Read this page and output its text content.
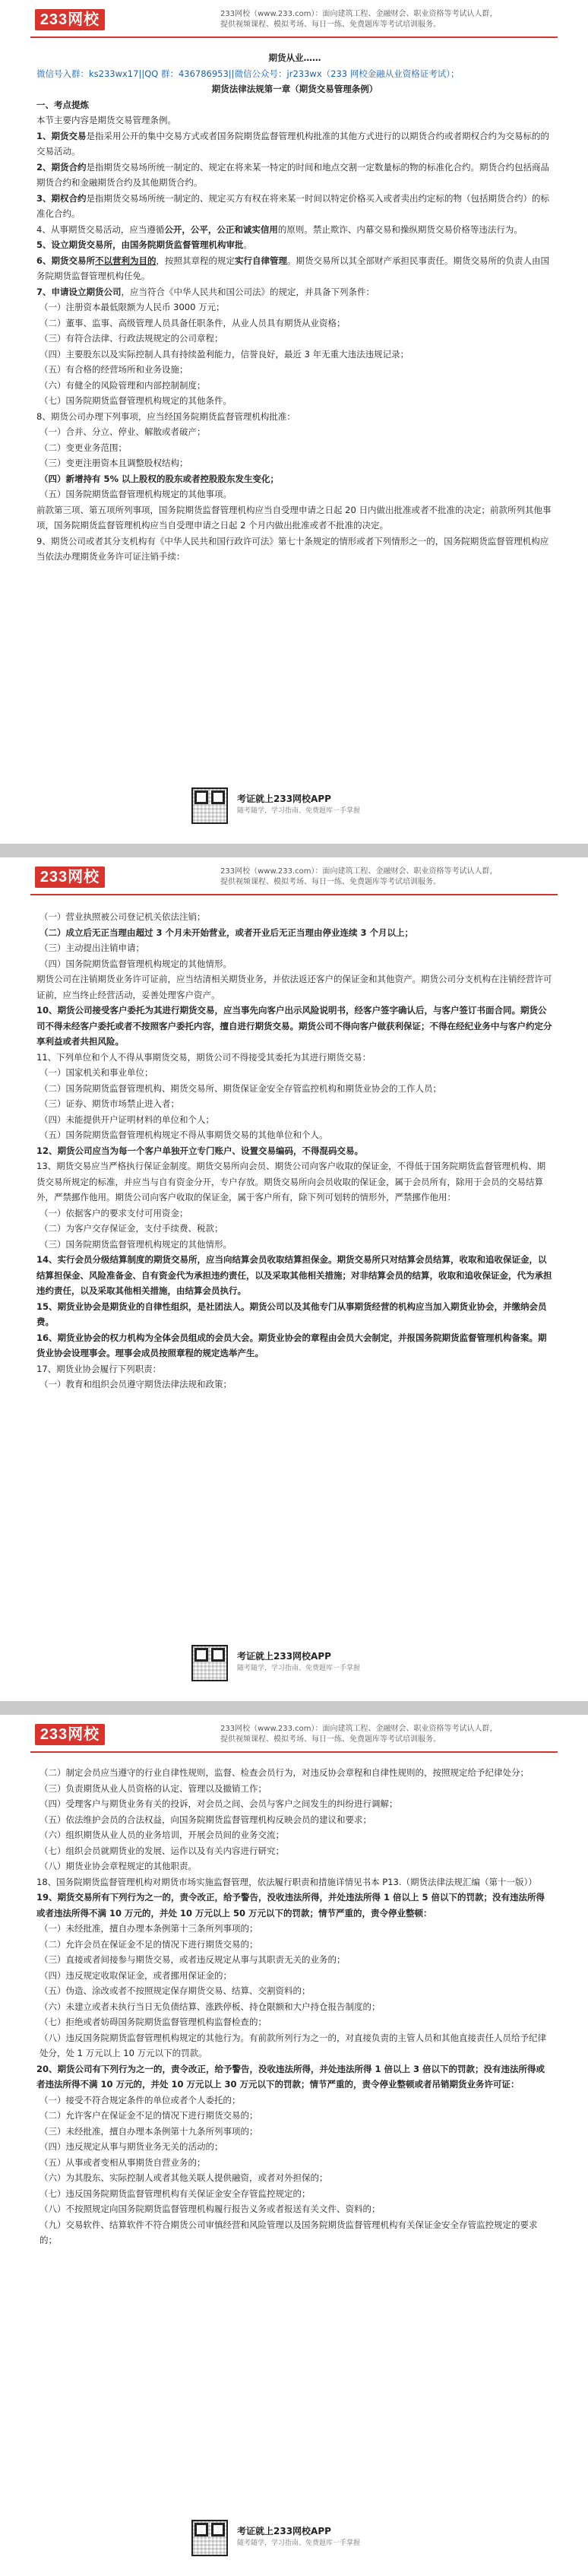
233网校	233网校（www.233.com）：面向建筑工程、金融财会、职业资格等考试认人群，
提供视频课程、模拟考场、每日一练、免费题库等考试培训服务。

期货从业……

微信号入群：ks233wx17||QQ 群：436786953||微信公众号：jr233wx（233 网校金融从业资格证考试）；

期货法律法规第一章（期货交易管理条例）

一、考点提炼

本节主要内容是期货交易管理条例。

1、期货交易是指采用公开的集中交易方式或者国务院期货监督管理机构批准的其他方式进行的以期货合约或者期权合约为交易标的的交易活动。

2、期货合约是指期货交易场所统一制定的、规定在将来某一特定的时间和地点交割一定数量标的物的标准化合约。期货合约包括商品期货合约和金融期货合约及其他期货合约。

3、期权合约是指期货交易场所统一制定的、规定买方有权在将来某一时间以特定价格买入或者卖出约定标的物（包括期货合约）的标准化合约。

4、从事期货交易活动，应当遵循公开，公平，公正和诚实信用的原则。禁止欺诈、内幕交易和操纵期货交易价格等违法行为。

5、设立期货交易所，由国务院期货监督管理机构审批。

6、期货交易所不以营利为目的，按照其章程的规定实行自律管理。期货交易所以其全部财产承担民事责任。期货交易所的负责人由国务院期货监督管理机构任免。

7、申请设立期货公司，应当符合《中华人民共和国公司法》的规定，并具备下列条件：

（一）注册资本最低限额为人民币 3000 万元；

（二）董事、监事、高级管理人员具备任职条件，从业人员具有期货从业资格；

（三）有符合法律、行政法规规定的公司章程；

（四）主要股东以及实际控制人具有持续盈利能力，信誉良好，最近 3 年无重大违法违规记录；

（五）有合格的经营场所和业务设施；

（六）有健全的风险管理和内部控制制度；

（七）国务院期货监督管理机构规定的其他条件。

8、期货公司办理下列事项，应当经国务院期货监督管理机构批准：

（一）合并、分立、停业、解散或者破产；

（二）变更业务范围；

（三）变更注册资本且调整股权结构；

（四）新增持有 5% 以上股权的股东或者控股股东发生变化；

（五）国务院期货监督管理机构规定的其他事项。

前款第三项、第五项所列事项，国务院期货监督管理机构应当自受理申请之日起 20 日内做出批准或者不批准的决定；前款所列其他事项，国务院期货监督管理机构应当自受理申请之日起 2 个月内做出批准或者不批准的决定。

9、期货公司或者其分支机构有《中华人民共和国行政许可法》第七十条规定的情形或者下列情形之一的，国务院期货监督管理机构应当依法办理期货业务许可证注销手续：

考证就上233网校APP
随考随学，学习指南、免费题库一手掌握
233网校	233网校（www.233.com）：面向建筑工程、金融财会、职业资格等考试认人群，
提供视频课程、模拟考场、每日一练、免费题库等考试培训服务。

（一）营业执照被公司登记机关依法注销；

（二）成立后无正当理由超过 3 个月未开始营业，或者开业后无正当理由停业连续 3 个月以上；

（三）主动提出注销申请；

（四）国务院期货监督管理机构规定的其他情形。

期货公司在注销期货业务许可证前，应当结清相关期货业务，并依法返还客户的保证金和其他资产。期货公司分支机构在注销经营许可证前，应当终止经营活动，妥善处理客户资产。

10、期货公司接受客户委托为其进行期货交易，应当事先向客户出示风险说明书，经客户签字确认后，与客户签订书面合同。期货公司不得未经客户委托或者不按照客户委托内容，擅自进行期货交易。期货公司不得向客户做获利保证；不得在经纪业务中与客户约定分享利益或者共担风险。

11、下列单位和个人不得从事期货交易，期货公司不得接受其委托为其进行期货交易：

（一）国家机关和事业单位；

（二）国务院期货监督管理机构、期货交易所、期货保证金安全存管监控机构和期货业协会的工作人员；

（三）证券、期货市场禁止进入者；

（四）未能提供开户证明材料的单位和个人；

（五）国务院期货监督管理机构规定不得从事期货交易的其他单位和个人。

12、期货公司应当为每一个客户单独开立专门账户、设置交易编码，不得混码交易。

13、期货交易应当严格执行保证金制度。期货交易所向会员、期货公司向客户收取的保证金，不得低于国务院期货监督管理机构、期货交易所规定的标准，并应当与自有资金分开，专户存放。期货交易所向会员收取的保证金，属于会员所有，除用于会员的交易结算外，严禁挪作他用。期货公司向客户收取的保证金，属于客户所有，除下列可划转的情形外，严禁挪作他用：

（一）依据客户的要求支付可用资金；

（二）为客户交存保证金，支付手续费、税款；

（三）国务院期货监督管理机构规定的其他情形。

14、实行会员分级结算制度的期货交易所，应当向结算会员收取结算担保金。期货交易所只对结算会员结算，收取和追收保证金，以结算担保金、风险准备金、自有资金代为承担违约责任，以及采取其他相关措施；对非结算会员的结算，收取和追收保证金，代为承担违约责任，以及采取其他相关措施，由结算会员执行。

15、期货业协会是期货业的自律性组织，是社团法人。期货公司以及其他专门从事期货经营的机构应当加入期货业协会，并缴纳会员费。

16、期货业协会的权力机构为全体会员组成的会员大会。期货业协会的章程由会员大会制定，并报国务院期货监督管理机构备案。期货业协会设理事会。理事会成员按照章程的规定选举产生。

17、期货业协会履行下列职责：

（一）教育和组织会员遵守期货法律法规和政策；

考证就上233网校APP
随考随学，学习指南、免费题库一手掌握
233网校	233网校（www.233.com）：面向建筑工程、金融财会、职业资格等考试认人群，
提供视频课程、模拟考场、每日一练、免费题库等考试培训服务。

（二）制定会员应当遵守的行业自律性规则，监督、检查会员行为，对违反协会章程和自律性规则的，按照规定给予纪律处分；

（三）负责期货从业人员资格的认定、管理以及撤销工作；

（四）受理客户与期货业务有关的投诉，对会员之间、会员与客户之间发生的纠纷进行调解；

（五）依法维护会员的合法权益，向国务院期货监督管理机构反映会员的建议和要求；

（六）组织期货从业人员的业务培训，开展会员间的业务交流；

（七）组织会员就期货业的发展、运作以及有关内容进行研究；

（八）期货业协会章程规定的其他职责。

18、国务院期货监督管理机构对期货市场实施监督管理，依法履行职责和措施详情见书本 P13.（期货法律法规汇编（第十一版））

19、期货交易所有下列行为之一的，责令改正，给予警告，没收违法所得，并处违法所得 1 倍以上 5 倍以下的罚款；没有违法所得或者违法所得不满 10 万元的，并处 10 万元以上 50 万元以下的罚款；情节严重的，责令停业整顿：

（一）未经批准，擅自办理本条例第十三条所列事项的；

（二）允许会员在保证金不足的情况下进行期货交易的；

（三）直接或者间接参与期货交易，或者违反规定从事与其职责无关的业务的；

（四）违反规定收取保证金，或者挪用保证金的；

（五）伪造、涂改或者不按照规定保存期货交易、结算、交割资料的；

（六）未建立或者未执行当日无负债结算、涨跌停板、持仓限额和大户持仓报告制度的；

（七）拒绝或者妨碍国务院期货监督管理机构监督检查的；

（八）违反国务院期货监督管理机构规定的其他行为。有前款所列行为之一的，对直接负责的主管人员和其他直接责任人员给予纪律处分，处 1 万元以上 10 万元以下的罚款。

20、期货公司有下列行为之一的，责令改正，给予警告，没收违法所得，并处违法所得 1 倍以上 3 倍以下的罚款；没有违法所得或者违法所得不满 10 万元的，并处 10 万元以上 30 万元以下的罚款；情节严重的，责令停业整顿或者吊销期货业务许可证：

（一）接受不符合规定条件的单位或者个人委托的；

（二）允许客户在保证金不足的情况下进行期货交易的；

（三）未经批准，擅自办理本条例第十九条所列事项的；

（四）违反规定从事与期货业务无关的活动的；

（五）从事或者变相从事期货自营业务的；

（六）为其股东、实际控制人或者其他关联人提供融资，或者对外担保的；

（七）违反国务院期货监督管理机构有关保证金安全存管监控规定的；

（八）不按照规定向国务院期货监督管理机构履行报告义务或者报送有关文件、资料的；

（九）交易软件、结算软件不符合期货公司审慎经营和风险管理以及国务院期货监督管理机构有关保证金安全存管监控规定的要求的；

考证就上233网校APP
随考随学，学习指南、免费题库一手掌握
